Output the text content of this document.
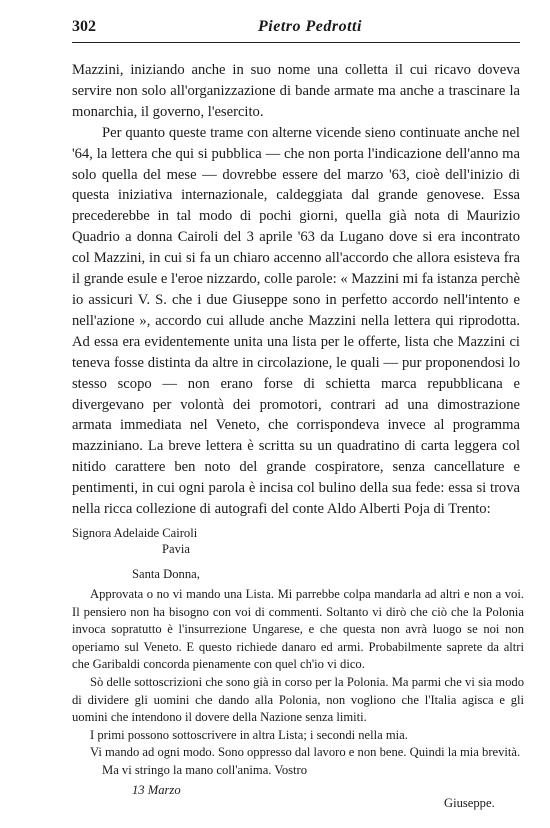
302	Pietro Pedrotti

Mazzini, iniziando anche in suo nome una colletta il cui ricavo doveva servire non solo all'organizzazione di bande armate ma anche a trascinare la monarchia, il governo, l'esercito.

Per quanto queste trame con alterne vicende sieno continuate anche nel '64, la lettera che qui si pubblica — che non porta l'indicazione dell'anno ma solo quella del mese — dovrebbe essere del marzo '63, cioè dell'inizio di questa iniziativa internazionale, caldeggiata dal grande genovese. Essa precederebbe in tal modo di pochi giorni, quella già nota di Maurizio Quadrio a donna Cairoli del 3 aprile '63 da Lugano dove si era incontrato col Mazzini, in cui si fa un chiaro accenno all'accordo che allora esisteva fra il grande esule e l'eroe nizzardo, colle parole: « Mazzini mi fa istanza perchè io assicuri V. S. che i due Giuseppe sono in perfetto accordo nell'intento e nell'azione », accordo cui allude anche Mazzini nella lettera qui riprodotta. Ad essa era evidentemente unita una lista per le offerte, lista che Mazzini ci teneva fosse distinta da altre in circolazione, le quali — pur proponendosi lo stesso scopo — non erano forse di schietta marca repubblicana e divergevano per volontà dei promotori, contrari ad una dimostrazione armata immediata nel Veneto, che corrispondeva invece al programma mazziniano. La breve lettera è scritta su un quadratino di carta leggera col nitido carattere ben noto del grande cospiratore, senza cancellature e pentimenti, in cui ogni parola è incisa col bulino della sua fede: essa si trova nella ricca collezione di autografi del conte Aldo Alberti Poja di Trento:

Signora Adelaide Cairoli
Pavia
Santa Donna,

Approvata o no vi mando una Lista. Mi parrebbe colpa mandarla ad altri e non a voi. Il pensiero non ha bisogno con voi di commenti. Soltanto vi dirò che ciò che la Polonia invoca sopratutto è l'insurrezione Ungarese, e che questa non avrà luogo se noi non operiamo sul Veneto. E questo richiede danaro ed armi. Probabilmente saprete da altri che Garibaldi concorda pienamente con quel ch'io vi dico.

Sò delle sottoscrizioni che sono già in corso per la Polonia. Ma parmi che vi sia modo di dividere gli uomini che dando alla Polonia, non vogliono che l'Italia agisca e gli uomini che intendono il dovere della Nazione senza limiti.

I primi possono sottoscrivere in altra Lista; i secondi nella mia.

Vi mando ad ogni modo. Sono oppresso dal lavoro e non bene. Quindi la mia brevità.

Ma vi stringo la mano coll'anima. Vostro

13 Marzo
Giuseppe.
